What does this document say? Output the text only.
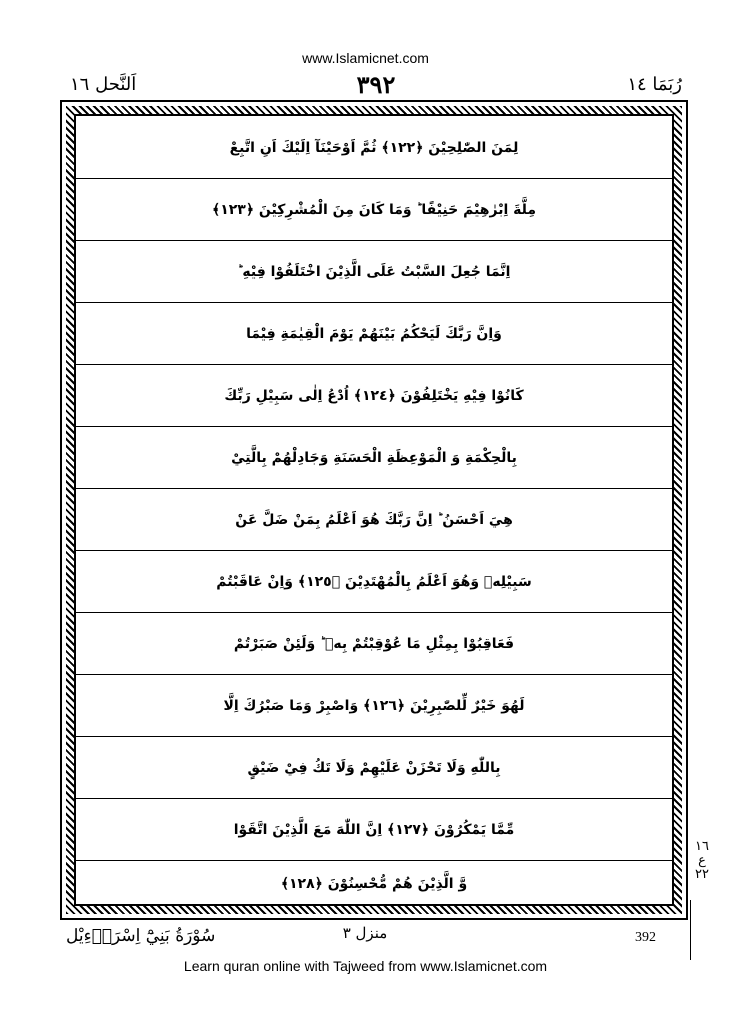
www.Islamicnet.com
اَلنَّحل ١٦	٣٩٢	رُبَمَا ١٤
لِمَنَ الصّٰلِحِيْنَ ﴿١٢٢﴾ ثُمَّ اَوْحَيْنَآ اِلَيْكَ اَنِ اتَّبِعْ
مِلَّةَ اِبْرٰهِيْمَ حَنِيْفًا ؕ وَمَا كَانَ مِنَ الْمُشْرِكِيْنَ ﴿١٢٣﴾
اِنَّمَا جُعِلَ السَّبْتُ عَلَى الَّذِيْنَ اخْتَلَفُوْا فِيْهِ ؕ
وَاِنَّ رَبَّكَ لَيَحْكُمُ بَيْنَهُمْ يَوْمَ الْقِيٰمَةِ فِيْمَا
كَانُوْا فِيْهِ يَخْتَلِفُوْنَ ﴿١٢٤﴾ اُدْعُ اِلٰى سَبِيْلِ رَبِّكَ
بِالْحِكْمَةِ وَ الْمَوْعِظَةِ الْحَسَنَةِ وَجَادِلْهُمْ بِالَّتِيْ
هِيَ اَحْسَنُ ؕ اِنَّ رَبَّكَ هُوَ اَعْلَمُ بِمَنْ ضَلَّ عَنْ
سَبِيْلِهٖ وَهُوَ اَعْلَمُ بِالْمُهْتَدِيْنَ ﴿١٢٥﴾ وَاِنْ عَاقَبْتُمْ
فَعَاقِبُوْا بِمِثْلِ مَا عُوْقِبْتُمْ بِهٖ ؕ وَلَئِنْ صَبَرْتُمْ
لَهُوَ خَيْرٌ لِّلصّٰبِرِيْنَ ﴿١٢٦﴾ وَاصْبِرْ وَمَا صَبْرُكَ اِلَّا
بِاللّٰهِ وَلَا تَحْزَنْ عَلَيْهِمْ وَلَا تَكُ فِيْ ضَيْقٍ
مِّمَّا يَمْكُرُوْنَ ﴿١٢٧﴾ اِنَّ اللّٰهَ مَعَ الَّذِيْنَ اتَّقَوْا
وَّ الَّذِيْنَ هُمْ مُّحْسِنُوْنَ ﴿١٢٨﴾
١٦
ع
٢٢
سُوْرَةُ بَنِيْٓ اِسْرَاۤءِيْل	منزل ٣	392
Learn quran online with Tajweed from www.Islamicnet.com
